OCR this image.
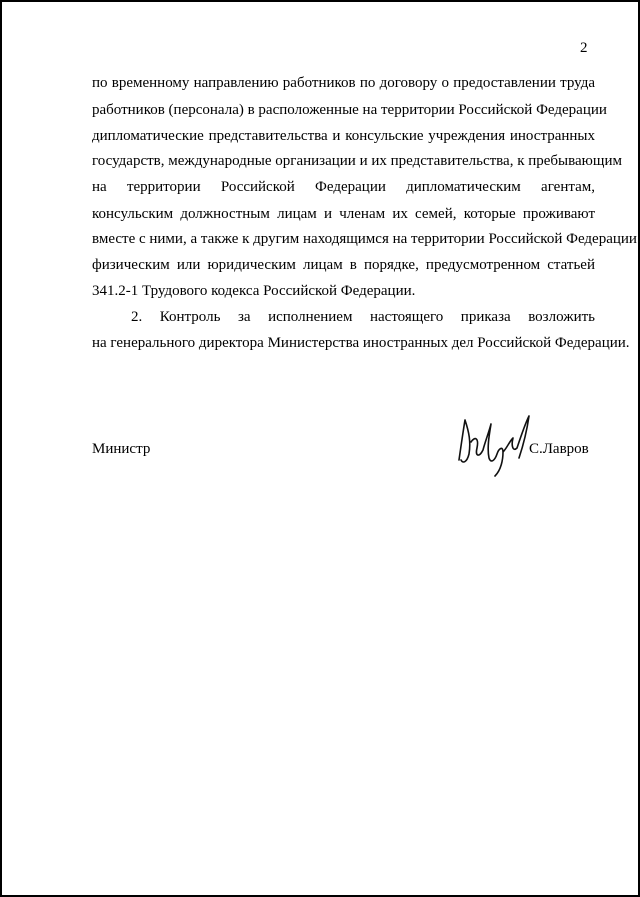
2
по временному направлению работников по договору о предоставлении труда
работников (персонала) в расположенные на территории Российской Федерации
дипломатические представительства и консульские учреждения иностранных
государств, международные организации и их представительства, к пребывающим
на территории Российской Федерации дипломатическим агентам,
консульским должностным лицам и членам их семей, которые проживают
вместе с ними, а также к другим находящимся на территории Российской Федерации
физическим или юридическим лицам в порядке, предусмотренном статьей
341.2-1 Трудового кодекса Российской Федерации.
2. Контроль за исполнением настоящего приказа возложить
на генерального директора Министерства иностранных дел Российской Федерации.
Министр	С.Лавров
